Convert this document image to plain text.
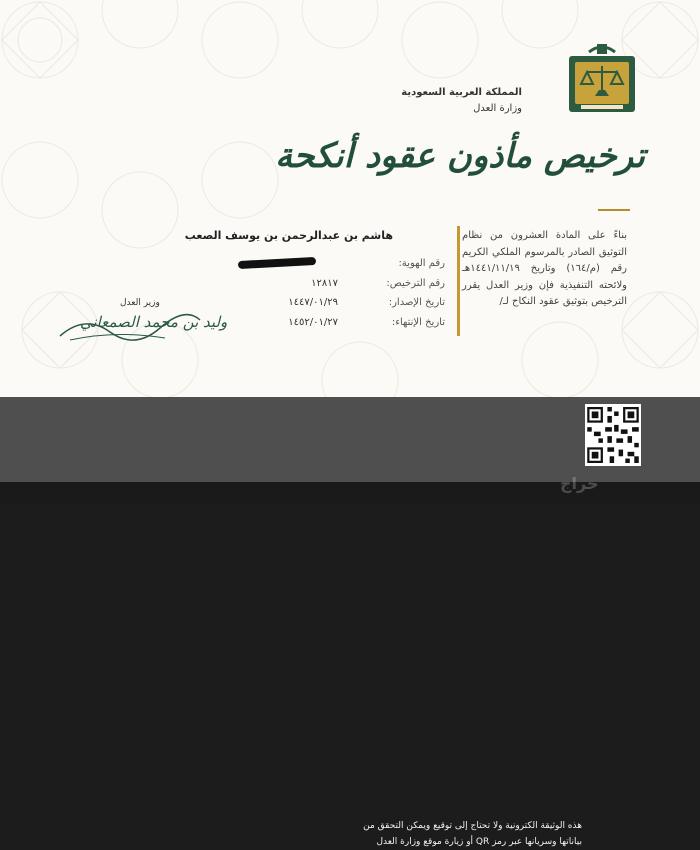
المملكة العربية السعودية
وزارة العدل
ترخيص مأذون عقود أنكحة
بناءً على المادة العشرون من نظام التوثيق الصادر بالمرسوم الملكي الكريم رقم (م/١٦٤) وتاريخ ١٤٤١/١١/١٩هـ ولائحته التنفيذية فإن وزير العدل يقرر الترخيص بتوثيق عقود النكاح لـ/
هاشم بن عبدالرحمن بن يوسف الصعب
رقم الهوية:
رقم الترخيص:
١٢٨١٧
تاريخ الإصدار:
١٤٤٧/٠١/٢٩
تاريخ الإنتهاء:
١٤٥٢/٠١/٢٧
وزير العدل
وليد بن محمد الصمعاني
هذه الوثيقة الكترونية ولا تحتاج إلى توقيع ويمكن التحقق من
بياناتها وسريانها عبر رمز QR أو زيارة موقع وزارة العدل
حراج
